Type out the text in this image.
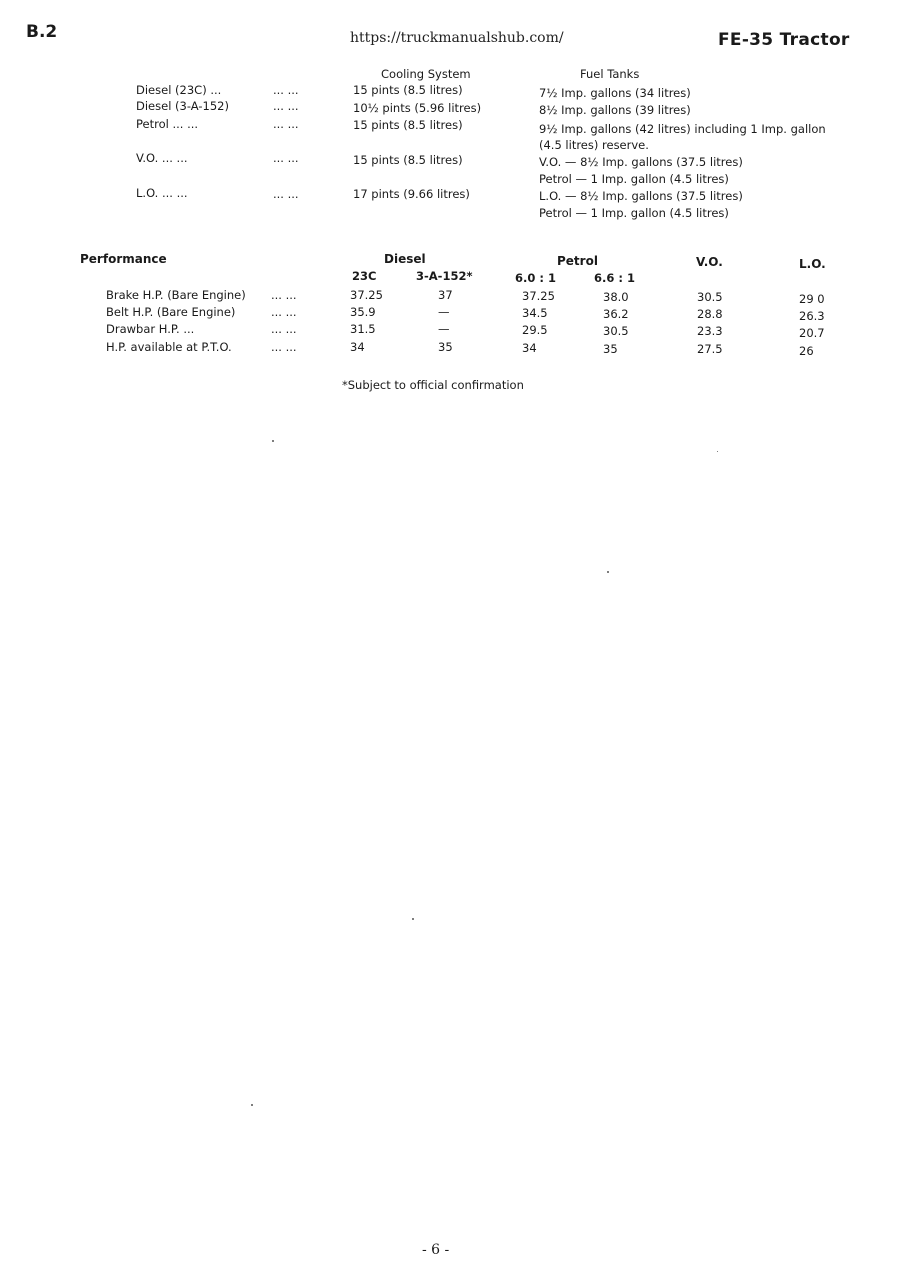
B.2	https://truckmanualshub.com/	FE-35 Tractor
Cooling System	Fuel Tanks
Diesel (23C) ...	... ...	15 pints (8.5 litres)	7½ Imp. gallons (34 litres)
Diesel (3-A-152)	... ...	10½ pints (5.96 litres)	8½ Imp. gallons (39 litres)
Petrol ... ...	... ...	15 pints (8.5 litres)	9½ Imp. gallons (42 litres) including 1 Imp. gallon
(4.5 litres) reserve.
V.O. ... ...	... ...	15 pints (8.5 litres)	V.O. — 8½ Imp. gallons (37.5 litres)
Petrol — 1 Imp. gallon (4.5 litres)
L.O. ... ...	... ...	17 pints (9.66 litres)	L.O. — 8½ Imp. gallons (37.5 litres)
Petrol — 1 Imp. gallon (4.5 litres)
Performance	Diesel	Petrol	V.O.	L.O.
23C	3-A-152*	6.0 : 1	6.6 : 1
Brake H.P. (Bare Engine) ... ...	37.25	37	37.25	38.0	30.5	29 0
Belt H.P. (Bare Engine)	... ...	35.9	—	34.5	36.2	28.8	26.3
Drawbar H.P. ...	... ...	31.5	—	29.5	30.5	23.3	20.7
H.P. available at P.T.O.	... ...	34	35	34	35	27.5	26
*Subject to official confirmation
- 6 -
